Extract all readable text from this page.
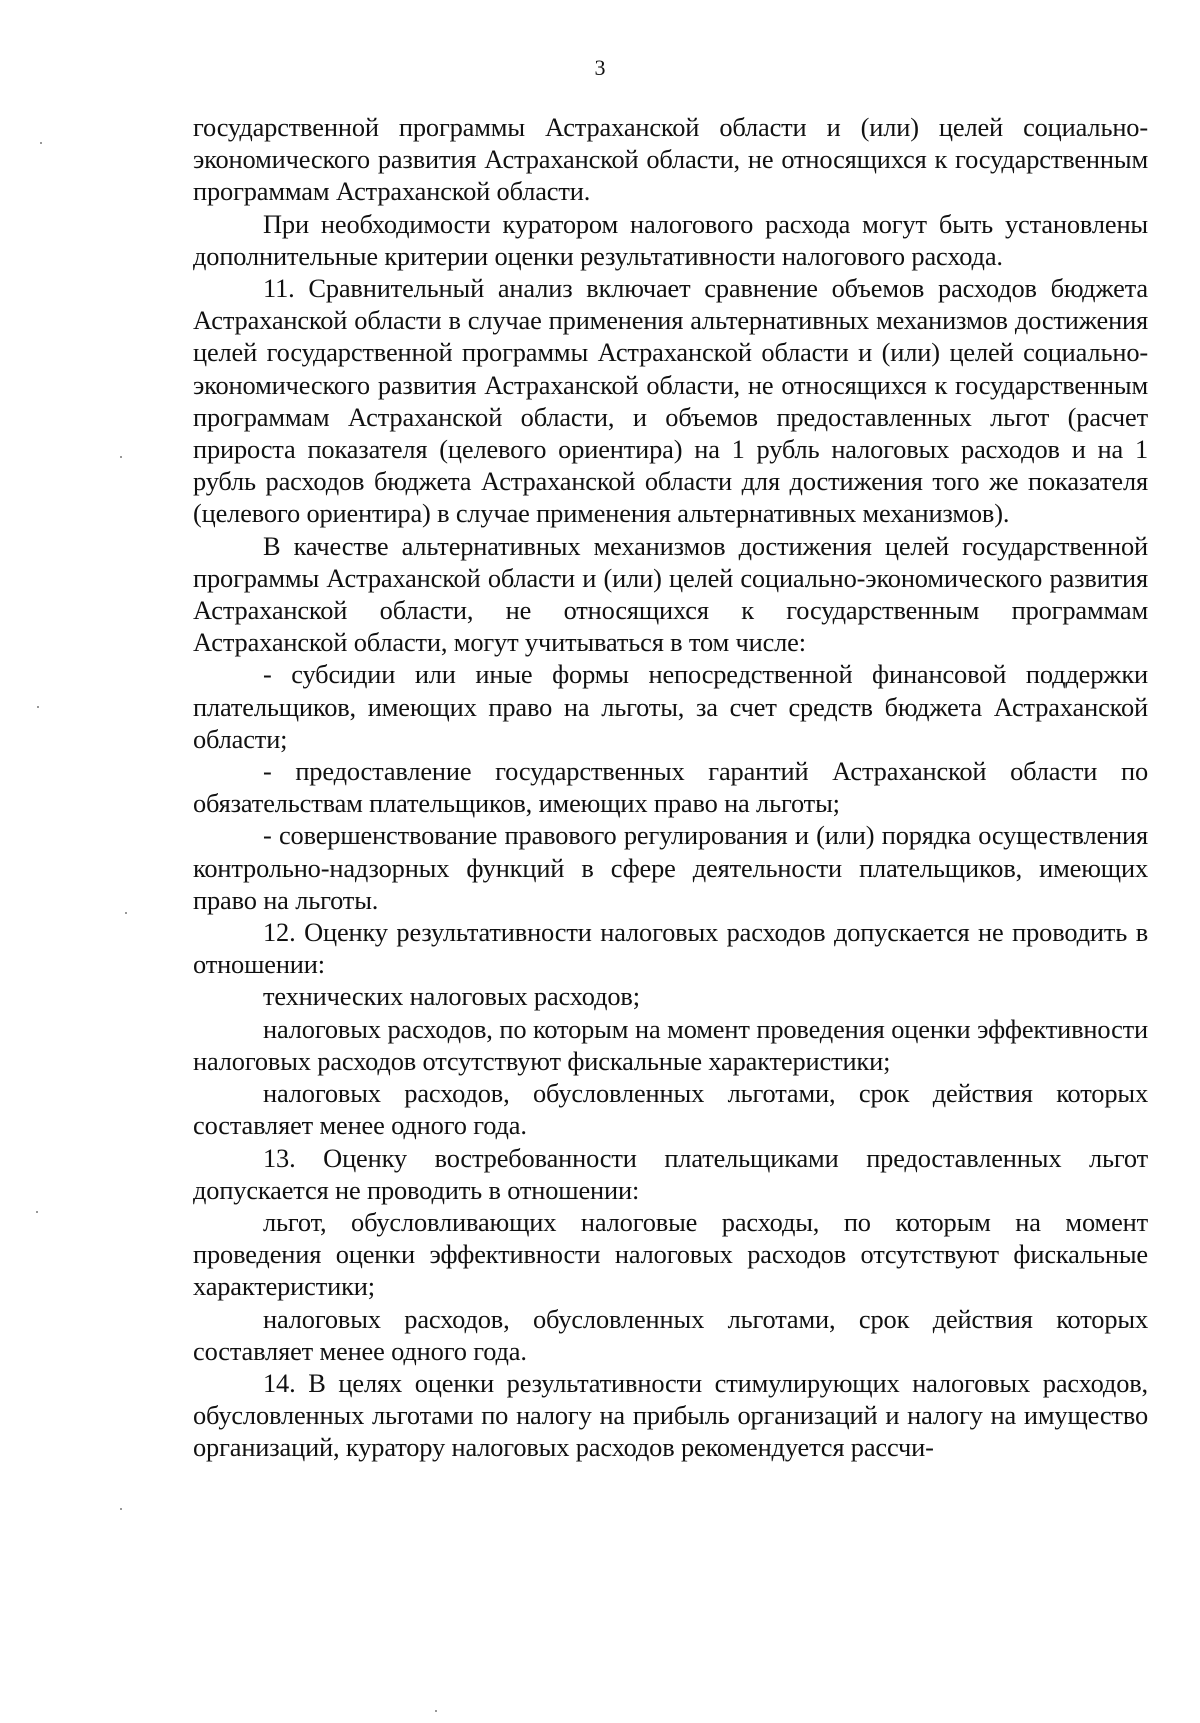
3

государственной программы Астраханской области и (или) целей социально-экономического развития Астраханской области, не относящихся к государственным программам Астраханской области.

При необходимости куратором налогового расхода могут быть установлены дополнительные критерии оценки результативности налогового расхода.

11. Сравнительный анализ включает сравнение объемов расходов бюджета Астраханской области в случае применения альтернативных механизмов достижения целей государственной программы Астраханской области и (или) целей социально-экономического развития Астраханской области, не относящихся к государственным программам Астраханской области, и объемов предоставленных льгот (расчет прироста показателя (целевого ориентира) на 1 рубль налоговых расходов и на 1 рубль расходов бюджета Астраханской области для достижения того же показателя (целевого ориентира) в случае применения альтернативных механизмов).

В качестве альтернативных механизмов достижения целей государственной программы Астраханской области и (или) целей социально-экономического развития Астраханской области, не относящихся к государственным программам Астраханской области, могут учитываться в том числе:

- субсидии или иные формы непосредственной финансовой поддержки плательщиков, имеющих право на льготы, за счет средств бюджета Астраханской области;

- предоставление государственных гарантий Астраханской области по обязательствам плательщиков, имеющих право на льготы;

- совершенствование правового регулирования и (или) порядка осуществления контрольно-надзорных функций в сфере деятельности плательщиков, имеющих право на льготы.

12. Оценку результативности налоговых расходов допускается не проводить в отношении:

технических налоговых расходов;

налоговых расходов, по которым на момент проведения оценки эффективности налоговых расходов отсутствуют фискальные характеристики;

налоговых расходов, обусловленных льготами, срок действия которых составляет менее одного года.

13. Оценку востребованности плательщиками предоставленных льгот допускается не проводить в отношении:

льгот, обусловливающих налоговые расходы, по которым на момент проведения оценки эффективности налоговых расходов отсутствуют фискальные характеристики;

налоговых расходов, обусловленных льготами, срок действия которых составляет менее одного года.

14. В целях оценки результативности стимулирующих налоговых расходов, обусловленных льготами по налогу на прибыль организаций и налогу на имущество организаций, куратору налоговых расходов рекомендуется рассчи-
